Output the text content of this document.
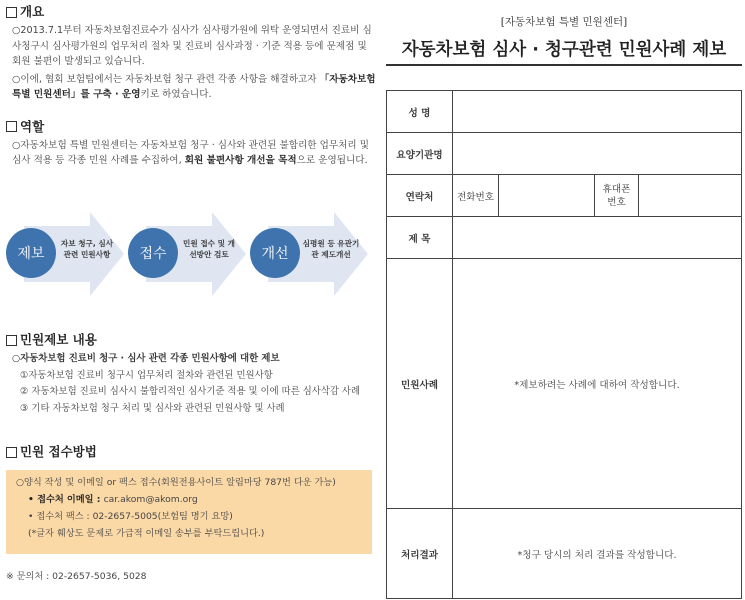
개요
○2013.7.1부터 자동차보험진료수가 심사가 심사평가원에 위탁 운영되면서 진료비 심사청구시 심사평가원의 업무처리 절차 및 진료비 심사과정 · 기준 적용 등에 문제점 및 회원 불편이 발생되고 있습니다.
○이에, 협회 보험팀에서는 자동차보험 청구 관련 각종 사항을 해결하고자 「자동차보험 특별 민원센터」를 구축 · 운영키로 하였습니다.
역할
○자동차보험 특별 민원센터는 자동차보험 청구 · 심사와 관련된 불합리한 업무처리 및 심사 적용 등 각종 민원 사례를 수집하여, 회원 불편사항 개선을 목적으로 운영됩니다.
제보
자보 청구, 심사관련 민원사항	접수
민원 접수 및 개선방안 검토	개선
심평원 등 유관기관 제도개선
민원제보 내용
○자동차보험 진료비 청구 · 심사 관련 각종 민원사항에 대한 제보
①자동차보험 진료비 청구시 업무처리 절차와 관련된 민원사항
② 자동차보험 진료비 심사시 불합리적인 심사기준 적용 및 이에 따른 심사삭감 사례
③ 기타 자동차보험 청구 처리 및 심사와 관련된 민원사항 및 사례
민원 접수방법
○양식 작성 및 이메일 or 팩스 접수(회원전용사이트 알림마당 787번 다운 가능)
• 접수처 이메일 : car.akom@akom.org
• 접수처 팩스 : 02-2657-5005(보험팀 명기 요망)
(*글자 훼상도 문제로 가급적 이메일 송부를 부탁드립니다.)
※ 문의처 : 02-2657-5036, 5028
[자동차보험 특별 민원센터]
자동차보험 심사 · 청구관련 민원사례 제보
성 명				
요양기관명				
연락처	전화번호		휴대폰
번호	
제 목				
민원사례	*제보하려는 사례에 대하여 작성합니다.			
처리결과	*청구 당시의 처리 결과를 작성합니다.			
